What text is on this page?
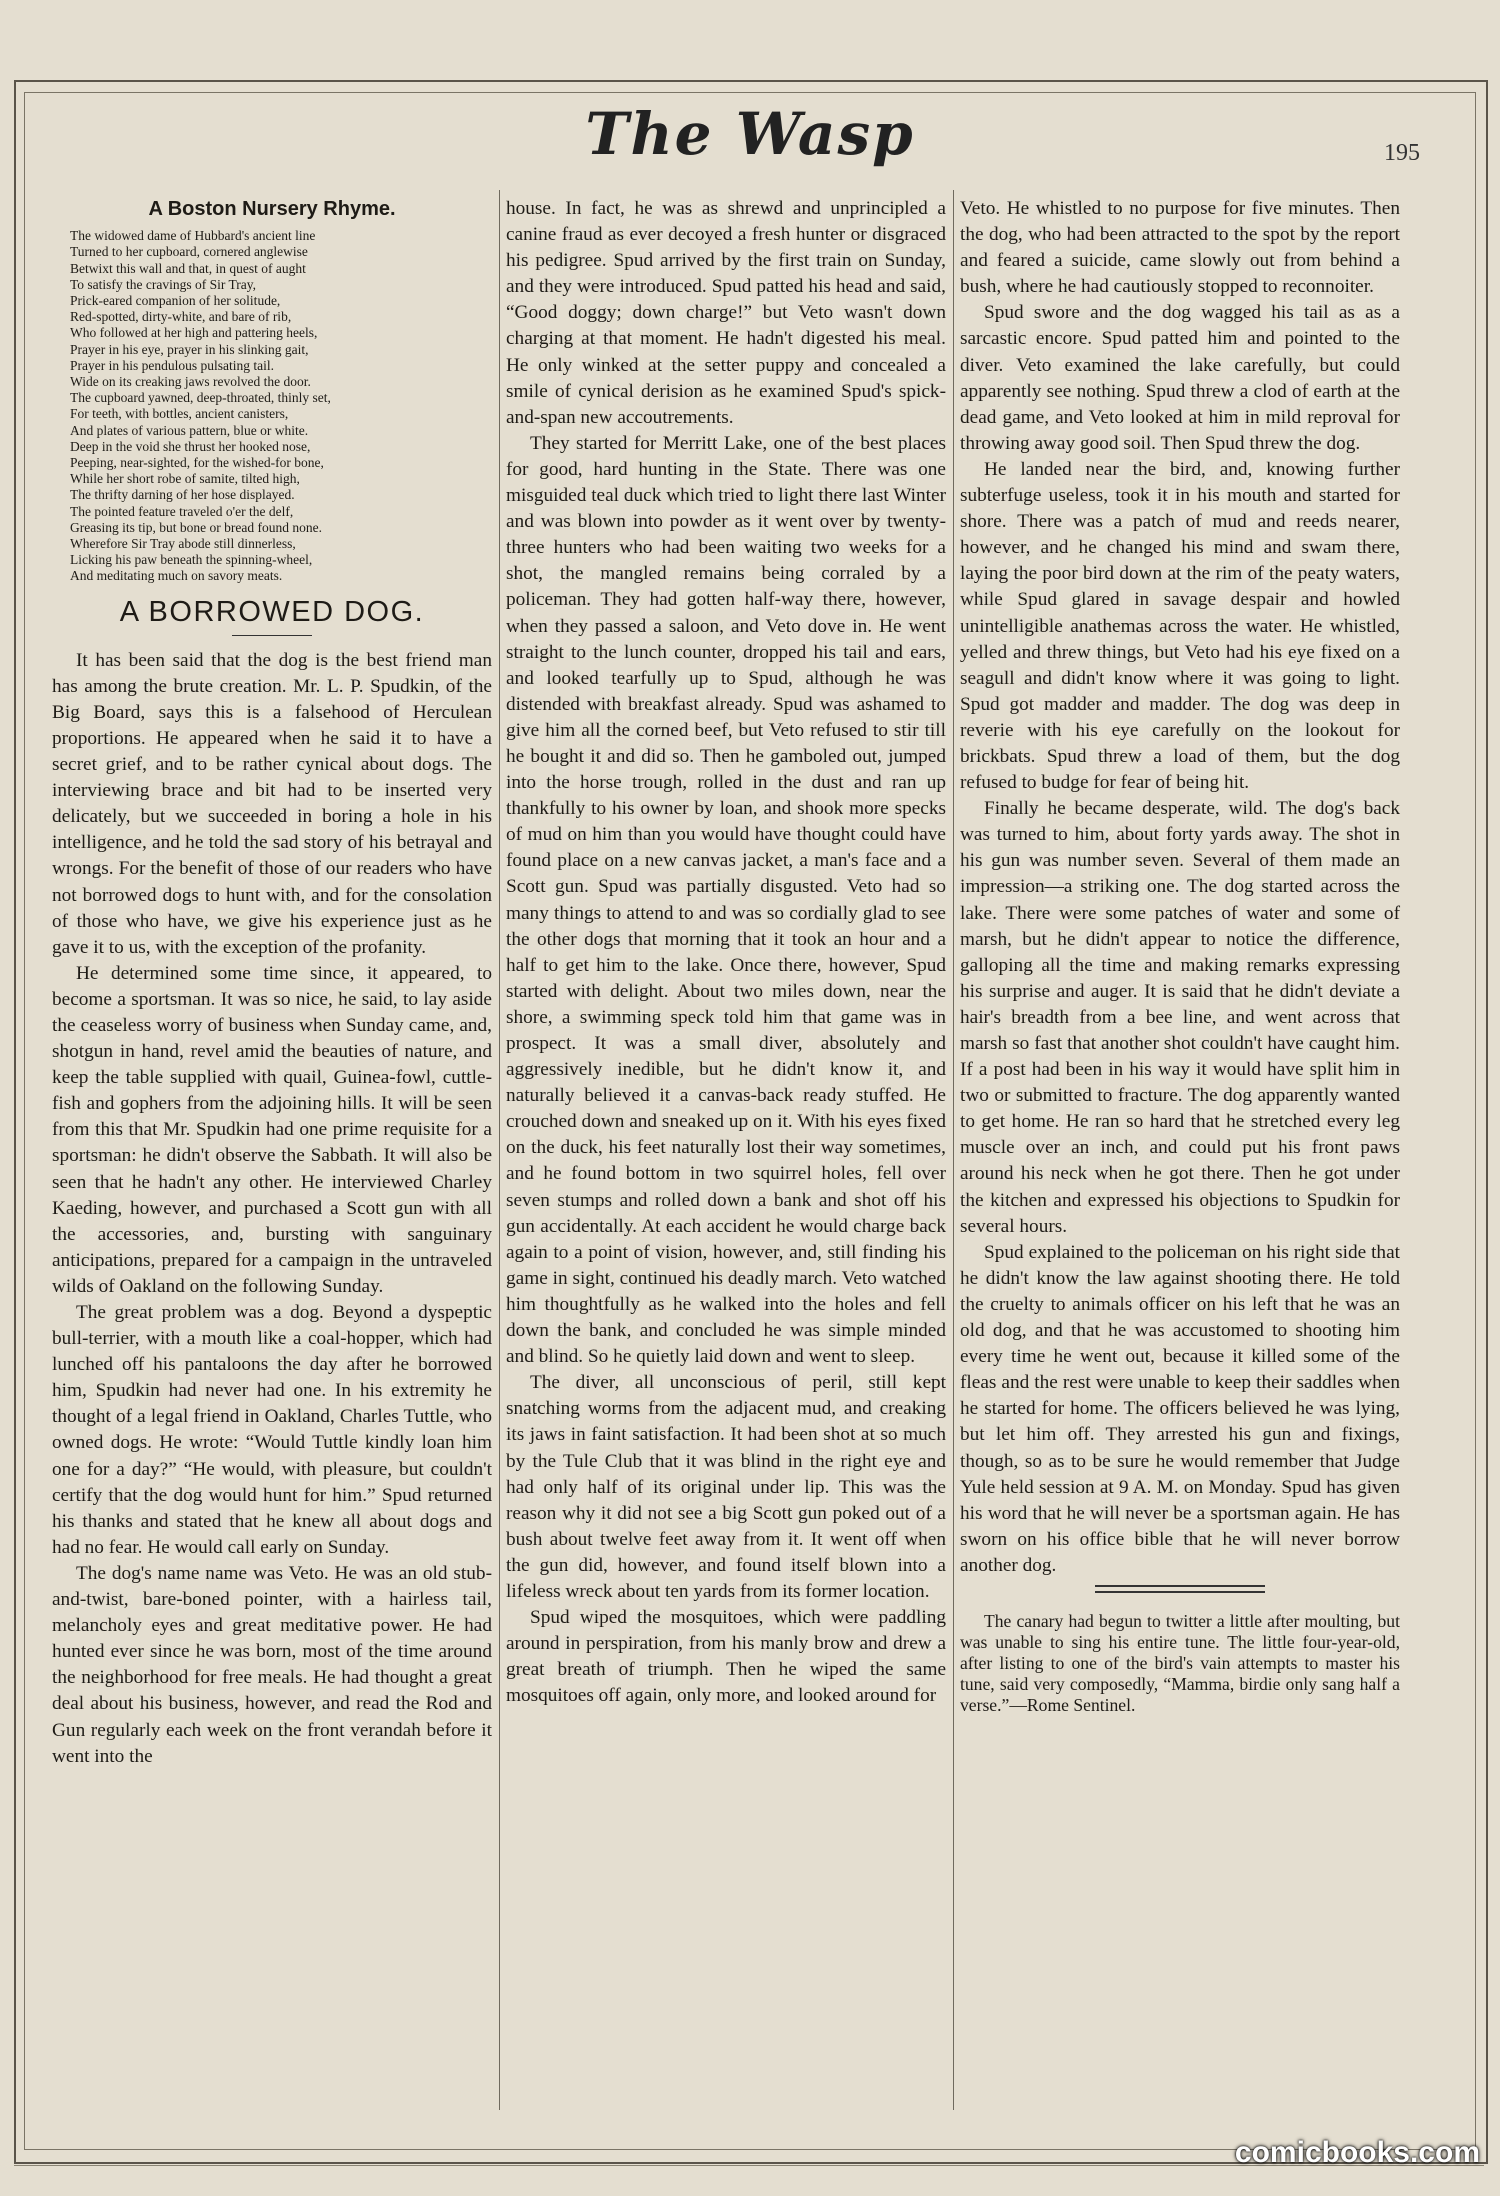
The Wasp	195
A Boston Nursery Rhyme.
The widowed dame of Hubbard's ancient line
Turned to her cupboard, cornered anglewise
Betwixt this wall and that, in quest of aught
To satisfy the cravings of Sir Tray,
Prick-eared companion of her solitude,
Red-spotted, dirty-white, and bare of rib,
Who followed at her high and pattering heels,
Prayer in his eye, prayer in his slinking gait,
Prayer in his pendulous pulsating tail.
Wide on its creaking jaws revolved the door.
The cupboard yawned, deep-throated, thinly set,
For teeth, with bottles, ancient canisters,
And plates of various pattern, blue or white.
Deep in the void she thrust her hooked nose,
Peeping, near-sighted, for the wished-for bone,
While her short robe of samite, tilted high,
The thrifty darning of her hose displayed.
The pointed feature traveled o'er the delf,
Greasing its tip, but bone or bread found none.
Wherefore Sir Tray abode still dinnerless,
Licking his paw beneath the spinning-wheel,
And meditating much on savory meats.
A BORROWED DOG.

It has been said that the dog is the best friend man has among the brute creation. Mr. L. P. Spudkin, of the Big Board, says this is a falsehood of Herculean proportions. He appeared when he said it to have a secret grief, and to be rather cynical about dogs. The interviewing brace and bit had to be inserted very delicately, but we succeeded in boring a hole in his intelligence, and he told the sad story of his betrayal and wrongs. For the benefit of those of our readers who have not borrowed dogs to hunt with, and for the consolation of those who have, we give his experience just as he gave it to us, with the exception of the profanity.

He determined some time since, it appeared, to become a sportsman. It was so nice, he said, to lay aside the ceaseless worry of business when Sunday came, and, shotgun in hand, revel amid the beauties of nature, and keep the table supplied with quail, Guinea-fowl, cuttle-fish and gophers from the adjoining hills. It will be seen from this that Mr. Spudkin had one prime requisite for a sportsman: he didn't observe the Sabbath. It will also be seen that he hadn't any other. He interviewed Charley Kaeding, however, and purchased a Scott gun with all the accessories, and, bursting with sanguinary anticipations, prepared for a campaign in the untraveled wilds of Oakland on the following Sunday.

The great problem was a dog. Beyond a dyspeptic bull-terrier, with a mouth like a coal-hopper, which had lunched off his pantaloons the day after he borrowed him, Spudkin had never had one. In his extremity he thought of a legal friend in Oakland, Charles Tuttle, who owned dogs. He wrote: “Would Tuttle kindly loan him one for a day?” “He would, with pleasure, but couldn't certify that the dog would hunt for him.” Spud returned his thanks and stated that he knew all about dogs and had no fear. He would call early on Sunday.

The dog's name name was Veto. He was an old stub-and-twist, bare-boned pointer, with a hairless tail, melancholy eyes and great meditative power. He had hunted ever since he was born, most of the time around the neighborhood for free meals. He had thought a great deal about his business, however, and read the Rod and Gun regularly each week on the front verandah before it went into the

house. In fact, he was as shrewd and unprincipled a canine fraud as ever decoyed a fresh hunter or disgraced his pedigree. Spud arrived by the first train on Sunday, and they were introduced. Spud patted his head and said, “Good doggy; down charge!” but Veto wasn't down charging at that moment. He hadn't digested his meal. He only winked at the setter puppy and concealed a smile of cynical derision as he examined Spud's spick-and-span new accoutrements.

They started for Merritt Lake, one of the best places for good, hard hunting in the State. There was one misguided teal duck which tried to light there last Winter and was blown into powder as it went over by twenty-three hunters who had been waiting two weeks for a shot, the mangled remains being corraled by a policeman. They had gotten half-way there, however, when they passed a saloon, and Veto dove in. He went straight to the lunch counter, dropped his tail and ears, and looked tearfully up to Spud, although he was distended with breakfast already. Spud was ashamed to give him all the corned beef, but Veto refused to stir till he bought it and did so. Then he gamboled out, jumped into the horse trough, rolled in the dust and ran up thankfully to his owner by loan, and shook more specks of mud on him than you would have thought could have found place on a new canvas jacket, a man's face and a Scott gun. Spud was partially disgusted. Veto had so many things to attend to and was so cordially glad to see the other dogs that morning that it took an hour and a half to get him to the lake. Once there, however, Spud started with delight. About two miles down, near the shore, a swimming speck told him that game was in prospect. It was a small diver, absolutely and aggressively inedible, but he didn't know it, and naturally believed it a canvas-back ready stuffed. He crouched down and sneaked up on it. With his eyes fixed on the duck, his feet naturally lost their way sometimes, and he found bottom in two squirrel holes, fell over seven stumps and rolled down a bank and shot off his gun accidentally. At each accident he would charge back again to a point of vision, however, and, still finding his game in sight, continued his deadly march. Veto watched him thoughtfully as he walked into the holes and fell down the bank, and concluded he was simple minded and blind. So he quietly laid down and went to sleep.

The diver, all unconscious of peril, still kept snatching worms from the adjacent mud, and creaking its jaws in faint satisfaction. It had been shot at so much by the Tule Club that it was blind in the right eye and had only half of its original under lip. This was the reason why it did not see a big Scott gun poked out of a bush about twelve feet away from it. It went off when the gun did, however, and found itself blown into a lifeless wreck about ten yards from its former location.

Spud wiped the mosquitoes, which were paddling around in perspiration, from his manly brow and drew a great breath of triumph. Then he wiped the same mosquitoes off again, only more, and looked around for

Veto. He whistled to no purpose for five minutes. Then the dog, who had been attracted to the spot by the report and feared a suicide, came slowly out from behind a bush, where he had cautiously stopped to reconnoiter.

Spud swore and the dog wagged his tail as as a sarcastic encore. Spud patted him and pointed to the diver. Veto examined the lake carefully, but could apparently see nothing. Spud threw a clod of earth at the dead game, and Veto looked at him in mild reproval for throwing away good soil. Then Spud threw the dog.

He landed near the bird, and, knowing further subterfuge useless, took it in his mouth and started for shore. There was a patch of mud and reeds nearer, however, and he changed his mind and swam there, laying the poor bird down at the rim of the peaty waters, while Spud glared in savage despair and howled unintelligible anathemas across the water. He whistled, yelled and threw things, but Veto had his eye fixed on a seagull and didn't know where it was going to light. Spud got madder and madder. The dog was deep in reverie with his eye carefully on the lookout for brickbats. Spud threw a load of them, but the dog refused to budge for fear of being hit.

Finally he became desperate, wild. The dog's back was turned to him, about forty yards away. The shot in his gun was number seven. Several of them made an impression—a striking one. The dog started across the lake. There were some patches of water and some of marsh, but he didn't appear to notice the difference, galloping all the time and making remarks expressing his surprise and auger. It is said that he didn't deviate a hair's breadth from a bee line, and went across that marsh so fast that another shot couldn't have caught him. If a post had been in his way it would have split him in two or submitted to fracture. The dog apparently wanted to get home. He ran so hard that he stretched every leg muscle over an inch, and could put his front paws around his neck when he got there. Then he got under the kitchen and expressed his objections to Spudkin for several hours.

Spud explained to the policeman on his right side that he didn't know the law against shooting there. He told the cruelty to animals officer on his left that he was an old dog, and that he was accustomed to shooting him every time he went out, because it killed some of the fleas and the rest were unable to keep their saddles when he started for home. The officers believed he was lying, but let him off. They arrested his gun and fixings, though, so as to be sure he would remember that Judge Yule held session at 9 A. M. on Monday. Spud has given his word that he will never be a sportsman again. He has sworn on his office bible that he will never borrow another dog.

The canary had begun to twitter a little after moulting, but was unable to sing his entire tune. The little four-year-old, after listing to one of the bird's vain attempts to master his tune, said very composedly, “Mamma, birdie only sang half a verse.”—Rome Sentinel.

comicbooks.com
